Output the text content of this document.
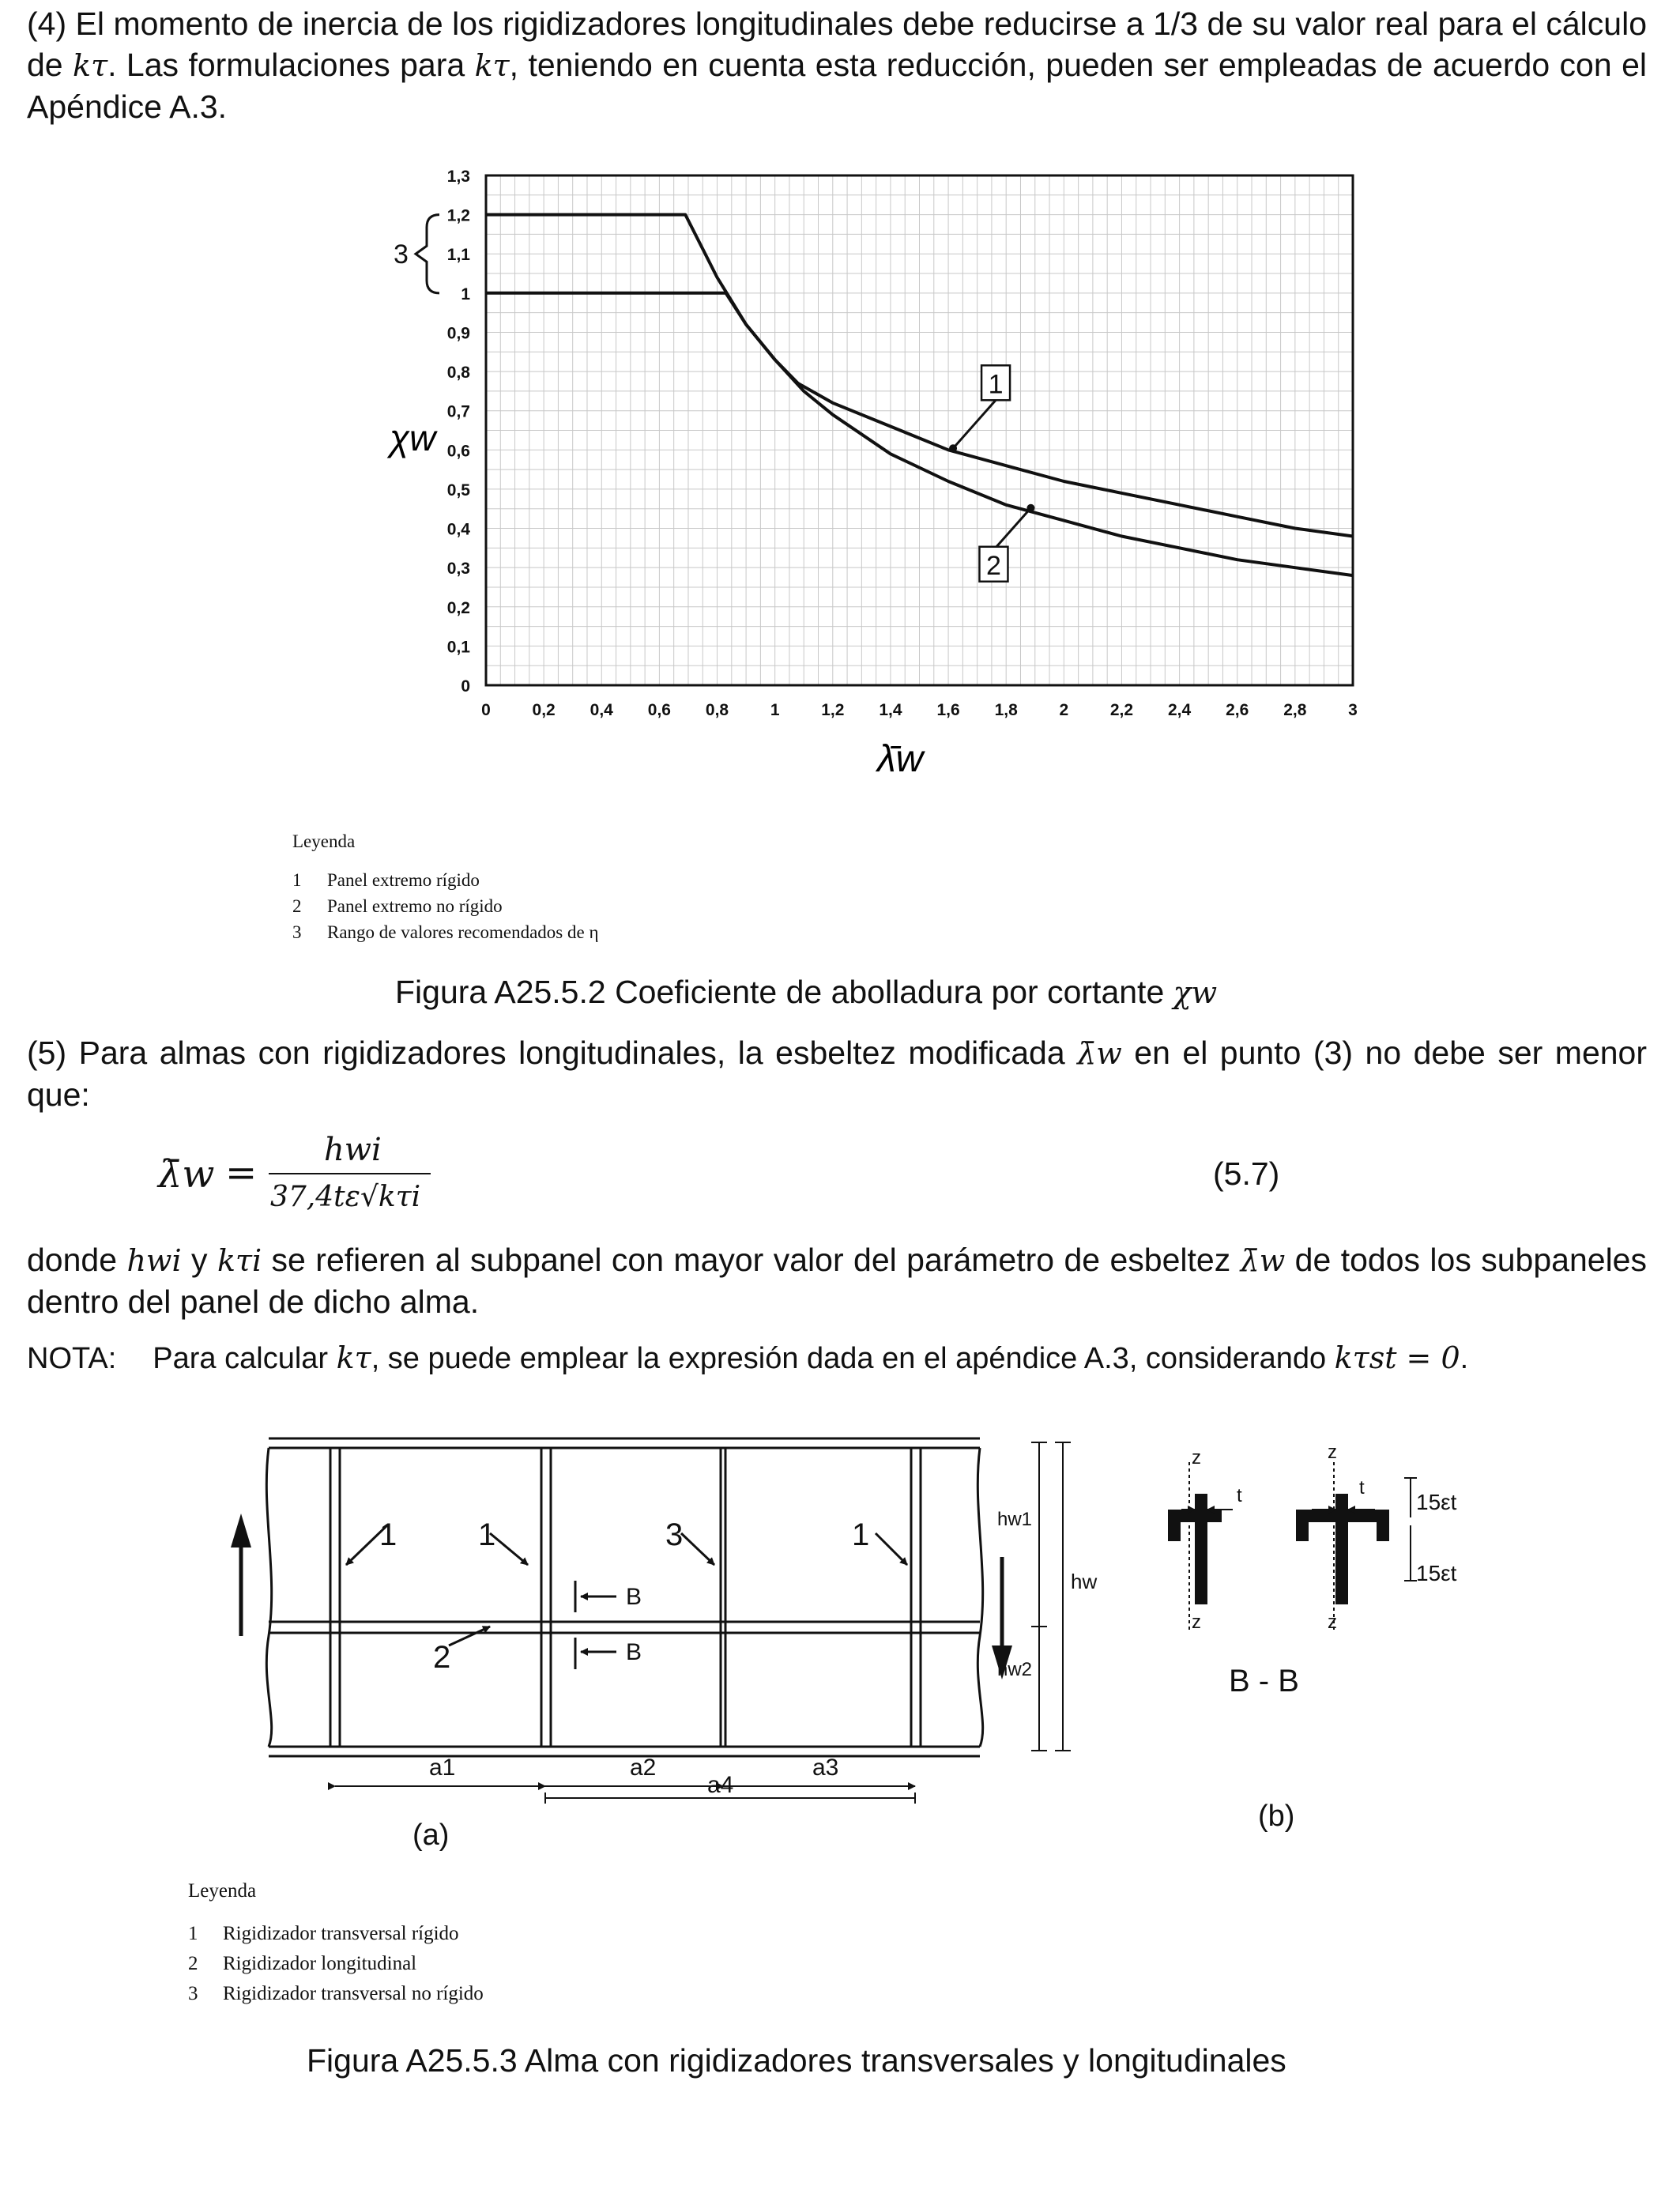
(4) El momento de inercia de los rigidizadores longitudinales debe reducirse a 1/3 de su valor real para el cálculo de kτ. Las formulaciones para kτ, teniendo en cuenta esta reducción, pueden ser empleadas de acuerdo con el Apéndice A.3.
0	0,2 0,4 0,6 0,8	1	1,2 1,4 1,6 1,8	2	2,2 2,4 2,6 2,8	3
0
0,1
0,2
0,3
0,4
0,5
0,6
0,7
0,8
0,9
1
1,1
1,2
1,3
1
2
3
χw
λ̄w
Leyenda
1 Panel extremo rígido
2 Panel extremo no rígido
3 Rango de valores recomendados de η
Figura A25.5.2 Coeficiente de abolladura por cortante χw
(5) Para almas con rigidizadores longitudinales, la esbeltez modificada λ̄w en el punto (3) no debe ser menor que:
λ̄w =
hwi
37,4tε√kτi
(5.7)
donde hwi y kτi se refieren al subpanel con mayor valor del parámetro de esbeltez λ̄w de todos los subpaneles dentro del panel de dicho alma.
NOTA: Para calcular kτ, se puede emplear la expresión dada en el apéndice A.3, considerando kτst = 0.
1	1	3	1
2
B
B
hw1
hw
hw2
a1	a2	a3
a4
(a)
(b)
z	z
z	z
t	t
15εt
15εt
B - B
Leyenda
1 Rigidizador transversal rígido
2 Rigidizador longitudinal
3 Rigidizador transversal no rígido
Figura A25.5.3 Alma con rigidizadores transversales y longitudinales
